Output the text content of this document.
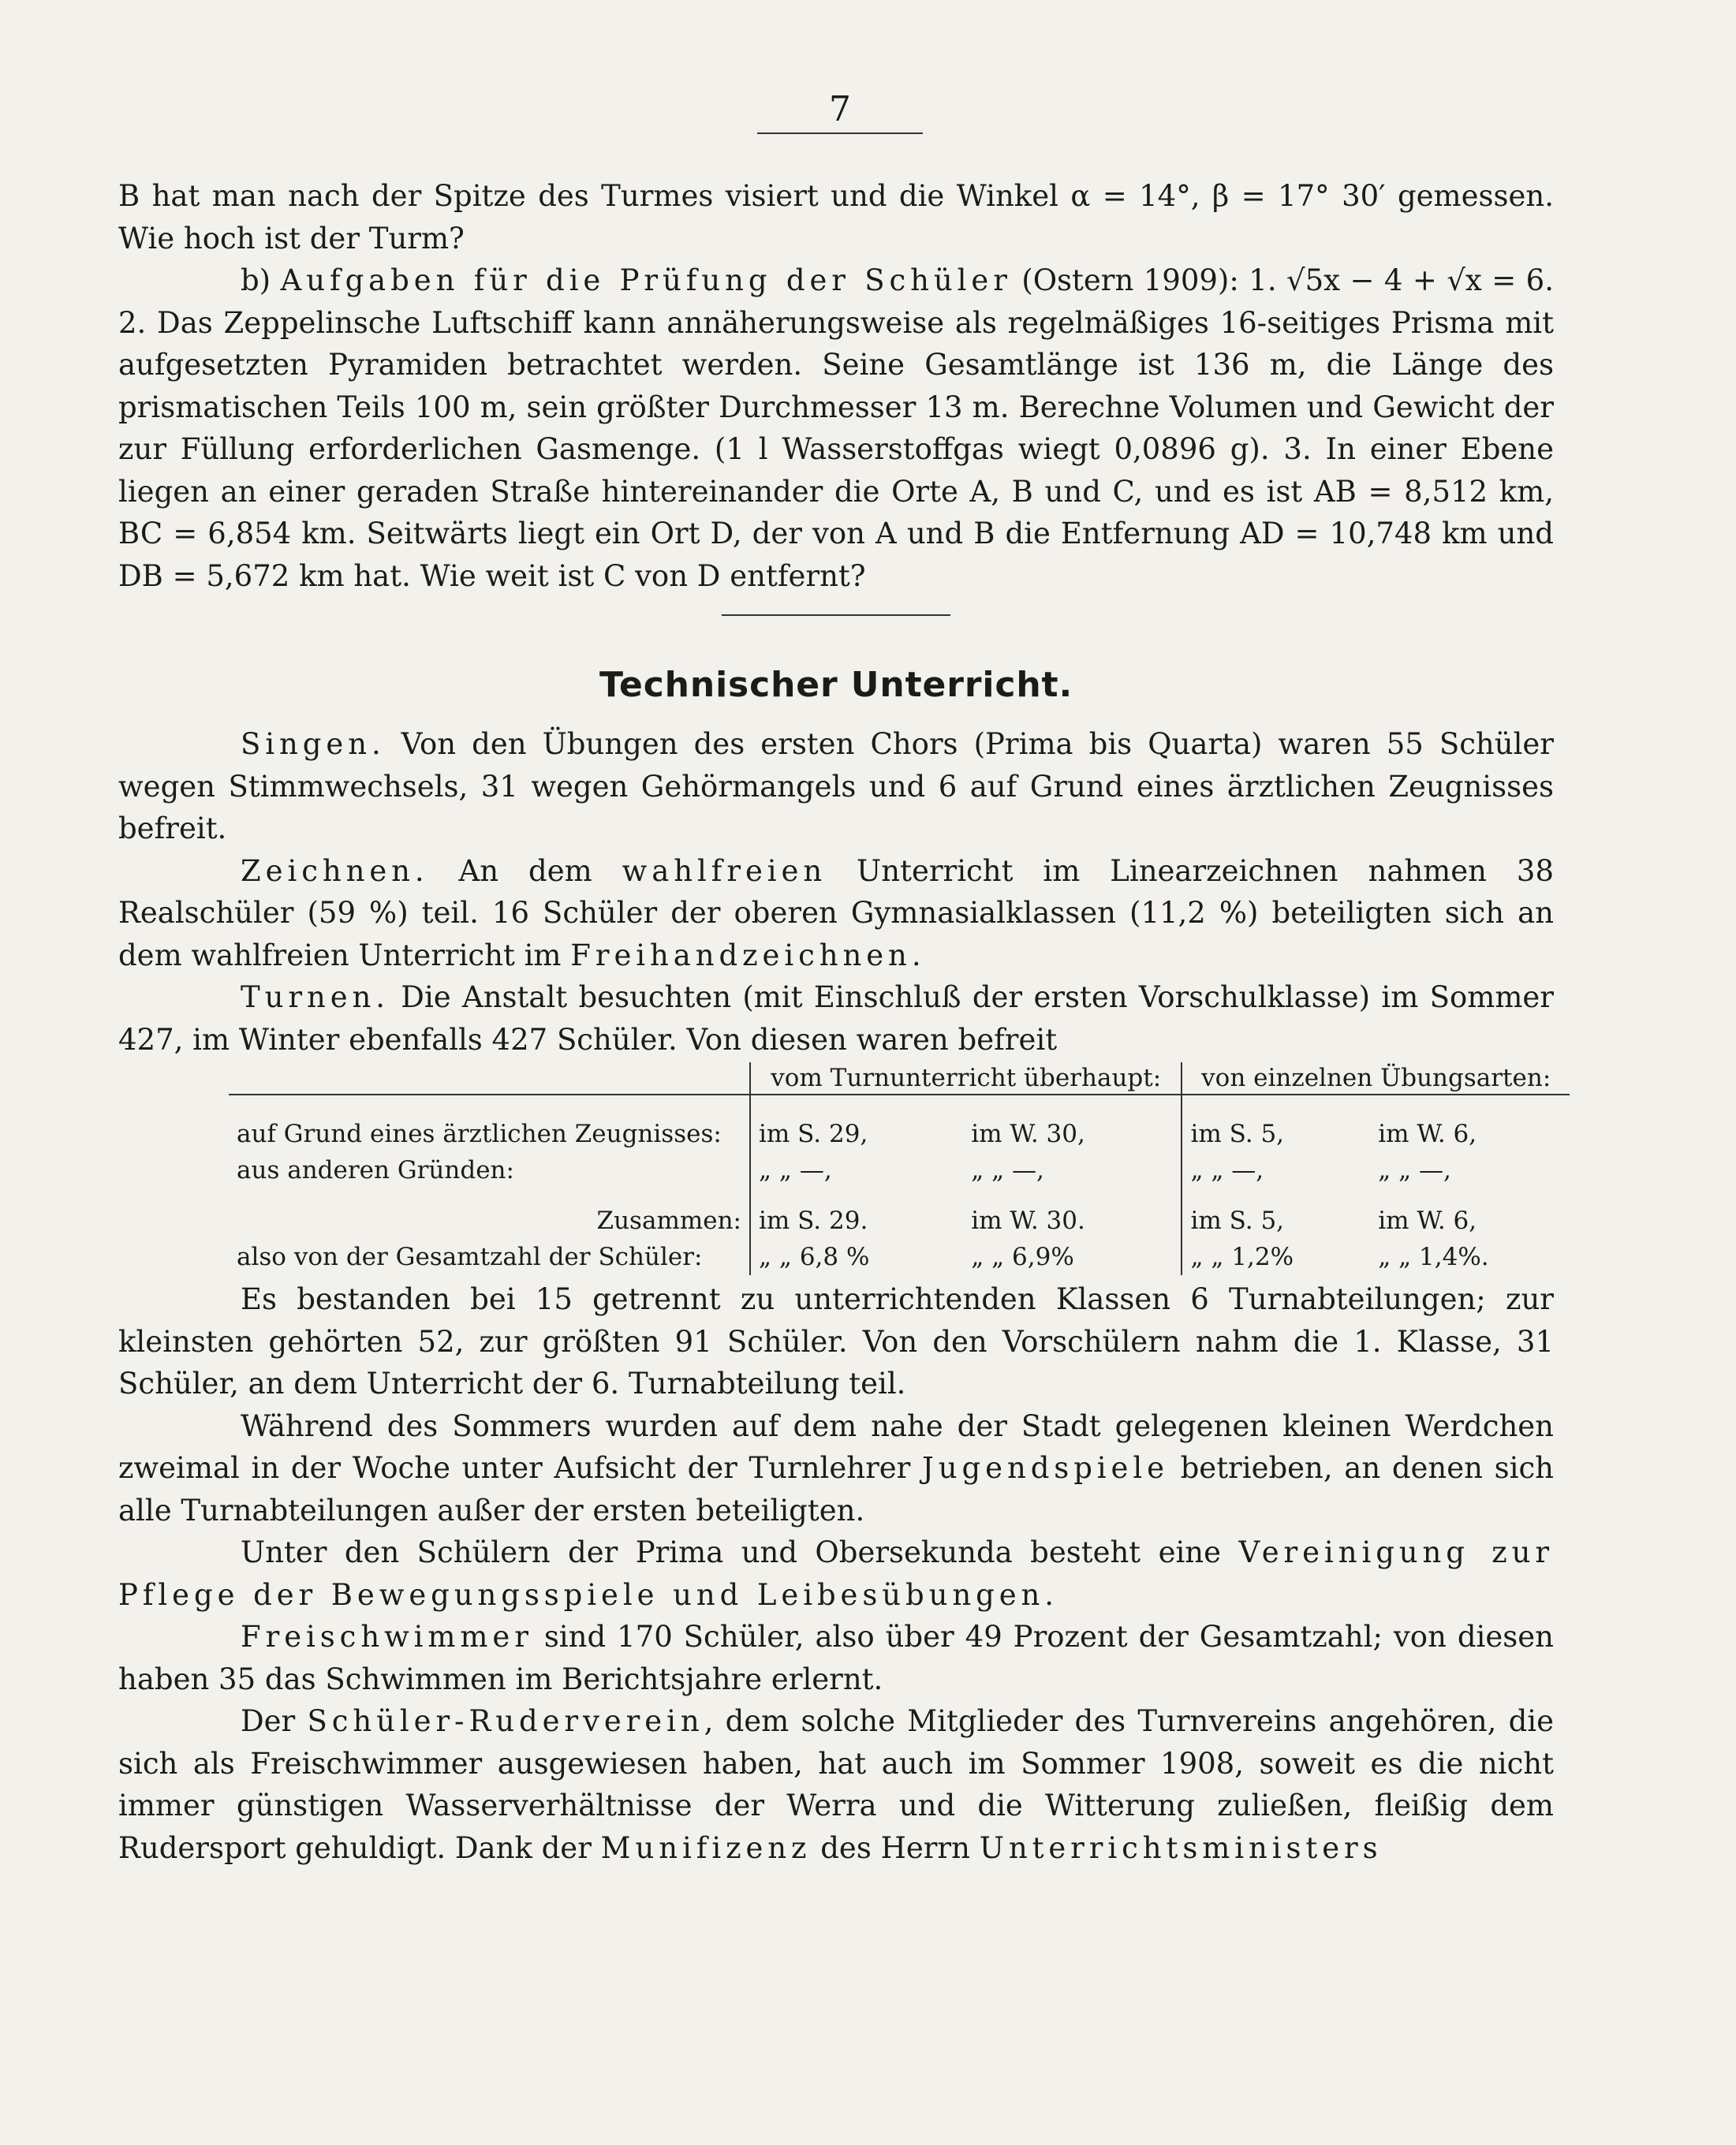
7

B hat man nach der Spitze des Turmes visiert und die Winkel α = 14°, β = 17° 30′ gemessen. Wie hoch ist der Turm?

b) Aufgaben für die Prüfung der Schüler (Ostern 1909): 1. √5x − 4 + √x = 6. 2. Das Zeppelinsche Luftschiff kann annäherungsweise als regelmäßiges 16-seitiges Prisma mit aufgesetzten Pyramiden betrachtet werden. Seine Gesamtlänge ist 136 m, die Länge des prismatischen Teils 100 m, sein größter Durchmesser 13 m. Berechne Volumen und Gewicht der zur Füllung erforderlichen Gasmenge. (1 l Wasserstoffgas wiegt 0,0896 g). 3. In einer Ebene liegen an einer geraden Straße hintereinander die Orte A, B und C, und es ist AB = 8,512 km, BC = 6,854 km. Seitwärts liegt ein Ort D, der von A und B die Entfernung AD = 10,748 km und DB = 5,672 km hat. Wie weit ist C von D entfernt?

Technischer Unterricht.

Singen. Von den Übungen des ersten Chors (Prima bis Quarta) waren 55 Schüler wegen Stimmwechsels, 31 wegen Gehörmangels und 6 auf Grund eines ärztlichen Zeugnisses befreit.

Zeichnen. An dem wahlfreien Unterricht im Linearzeichnen nahmen 38 Realschüler (59 %) teil. 16 Schüler der oberen Gymnasialklassen (11,2 %) beteiligten sich an dem wahlfreien Unterricht im Freihandzeichnen.

Turnen. Die Anstalt besuchten (mit Einschluß der ersten Vorschulklasse) im Sommer 427, im Winter ebenfalls 427 Schüler. Von diesen waren befreit

	vom Turnunterricht überhaupt:		von einzelnen Übungsarten:	
auf Grund eines ärztlichen Zeugnisses:	im S. 29,	im W. 30,	im S. 5,	im W. 6,
aus anderen Gründen:	„ „ —,	„ „ —,	„ „ —,	„ „ —,
Zusammen:	im S. 29.	im W. 30.	im S. 5,	im W. 6,
also von der Gesamtzahl der Schüler:	„ „ 6,8 %	„ „ 6,9%	„ „ 1,2%	„ „ 1,4%.

Es bestanden bei 15 getrennt zu unterrichtenden Klassen 6 Turnabteilungen; zur kleinsten gehörten 52, zur größten 91 Schüler. Von den Vorschülern nahm die 1. Klasse, 31 Schüler, an dem Unterricht der 6. Turnabteilung teil.

Während des Sommers wurden auf dem nahe der Stadt gelegenen kleinen Werdchen zweimal in der Woche unter Aufsicht der Turnlehrer Jugendspiele betrieben, an denen sich alle Turnabteilungen außer der ersten beteiligten.

Unter den Schülern der Prima und Obersekunda besteht eine Vereinigung zur Pflege der Bewegungsspiele und Leibesübungen.

Freischwimmer sind 170 Schüler, also über 49 Prozent der Gesamtzahl; von diesen haben 35 das Schwimmen im Berichtsjahre erlernt.

Der Schüler-Ruderverein, dem solche Mitglieder des Turnvereins angehören, die sich als Freischwimmer ausgewiesen haben, hat auch im Sommer 1908, soweit es die nicht immer günstigen Wasserverhältnisse der Werra und die Witterung zuließen, fleißig dem Rudersport gehuldigt. Dank der Munifizenz des Herrn Unterrichtsministers
